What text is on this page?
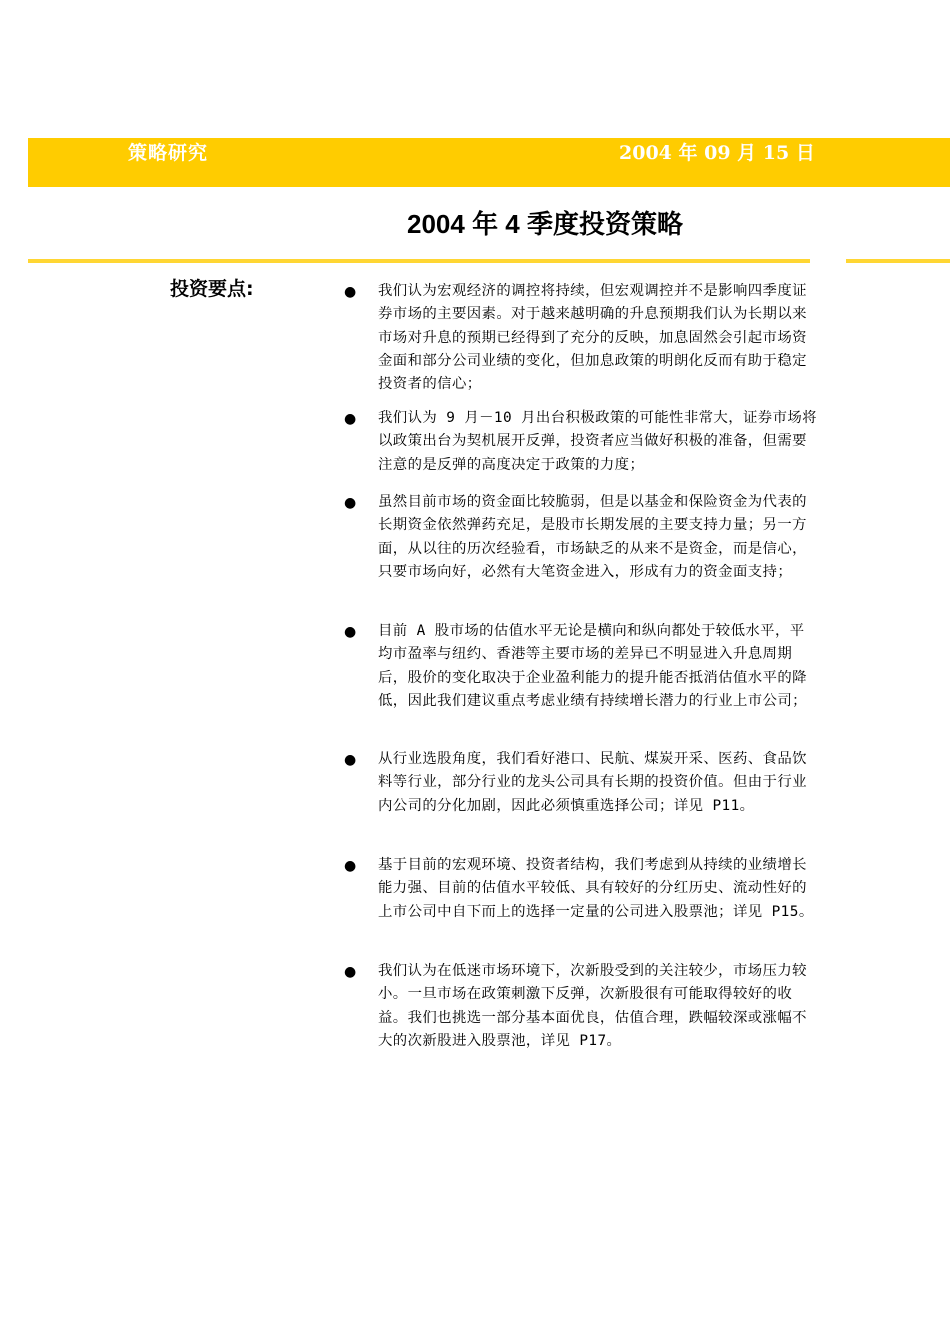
策略研究	2004 年 09 月 15 日
2004 年 4 季度投资策略
投资要点:	● 我们认为宏观经济的调控将持续，但宏观调控并不是影响四季度证券市场的主要因素。对于越来越明确的升息预期我们认为长期以来市场对升息的预期已经得到了充分的反映，加息固然会引起市场资金面和部分公司业绩的变化，但加息政策的明朗化反而有助于稳定投资者的信心；
● 我们认为 9 月－10 月出台积极政策的可能性非常大，证券市场将以政策出台为契机展开反弹，投资者应当做好积极的准备，但需要注意的是反弹的高度决定于政策的力度；
● 虽然目前市场的资金面比较脆弱，但是以基金和保险资金为代表的长期资金依然弹药充足，是股市长期发展的主要支持力量；另一方面，从以往的历次经验看，市场缺乏的从来不是资金，而是信心，只要市场向好，必然有大笔资金进入，形成有力的资金面支持；
● 目前 A 股市场的估值水平无论是横向和纵向都处于较低水平，平均市盈率与纽约、香港等主要市场的差异已不明显进入升息周期后，股价的变化取决于企业盈利能力的提升能否抵消估值水平的降低，因此我们建议重点考虑业绩有持续增长潜力的行业上市公司；
● 从行业选股角度，我们看好港口、民航、煤炭开采、医药、食品饮料等行业，部分行业的龙头公司具有长期的投资价值。但由于行业内公司的分化加剧，因此必须慎重选择公司；详见 P11。
● 基于目前的宏观环境、投资者结构，我们考虑到从持续的业绩增长能力强、目前的估值水平较低、具有较好的分红历史、流动性好的上市公司中自下而上的选择一定量的公司进入股票池；详见 P15。
● 我们认为在低迷市场环境下，次新股受到的关注较少，市场压力较小。一旦市场在政策刺激下反弹，次新股很有可能取得较好的收益。我们也挑选一部分基本面优良，估值合理，跌幅较深或涨幅不大的次新股进入股票池，详见 P17。
